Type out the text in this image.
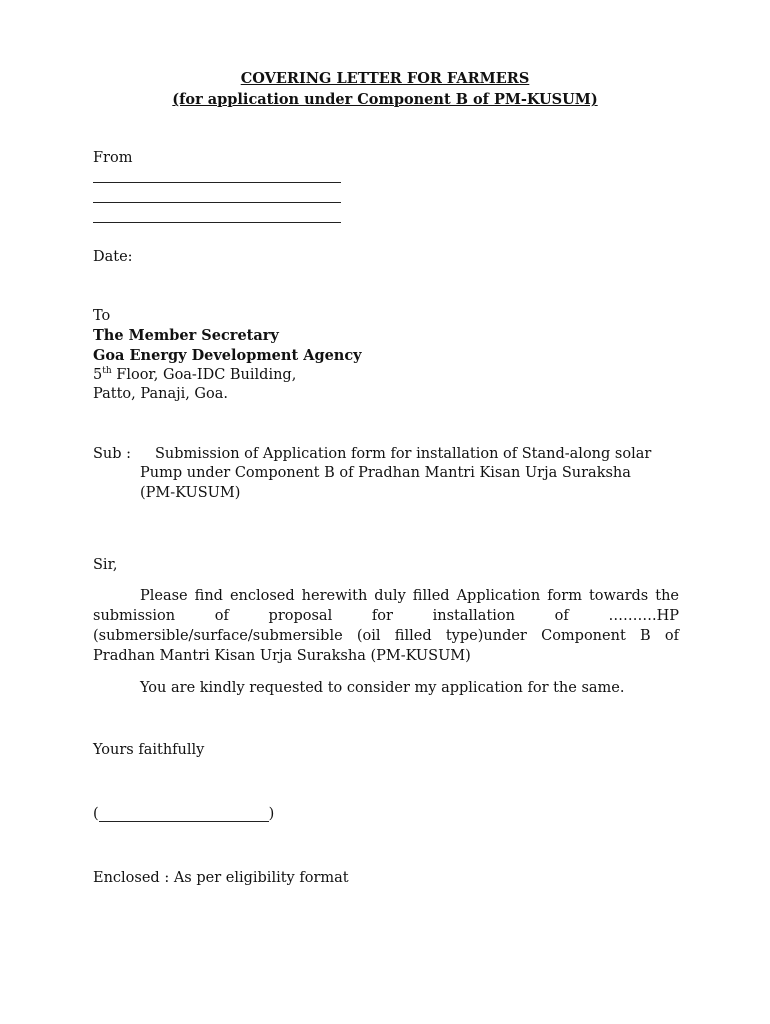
COVERING LETTER FOR FARMERS
(for application under Component B of PM-KUSUM)
From
Date:
To
The Member Secretary
Goa Energy Development Agency
5th Floor, Goa-IDC Building,
Patto, Panaji, Goa.
Sub : Submission of Application form for installation of Stand-along solar
Pump under Component B of Pradhan Mantri Kisan Urja Suraksha
(PM-KUSUM)
Sir,
Please find enclosed herewith duly filled Application form towards the
submission of proposal for installation of ……….HP
(submersible/surface/submersible (oil filled type)under Component B of
Pradhan Mantri Kisan Urja Suraksha (PM-KUSUM)
You are kindly requested to consider my application for the same.
Yours faithfully
(	)
Enclosed : As per eligibility format
